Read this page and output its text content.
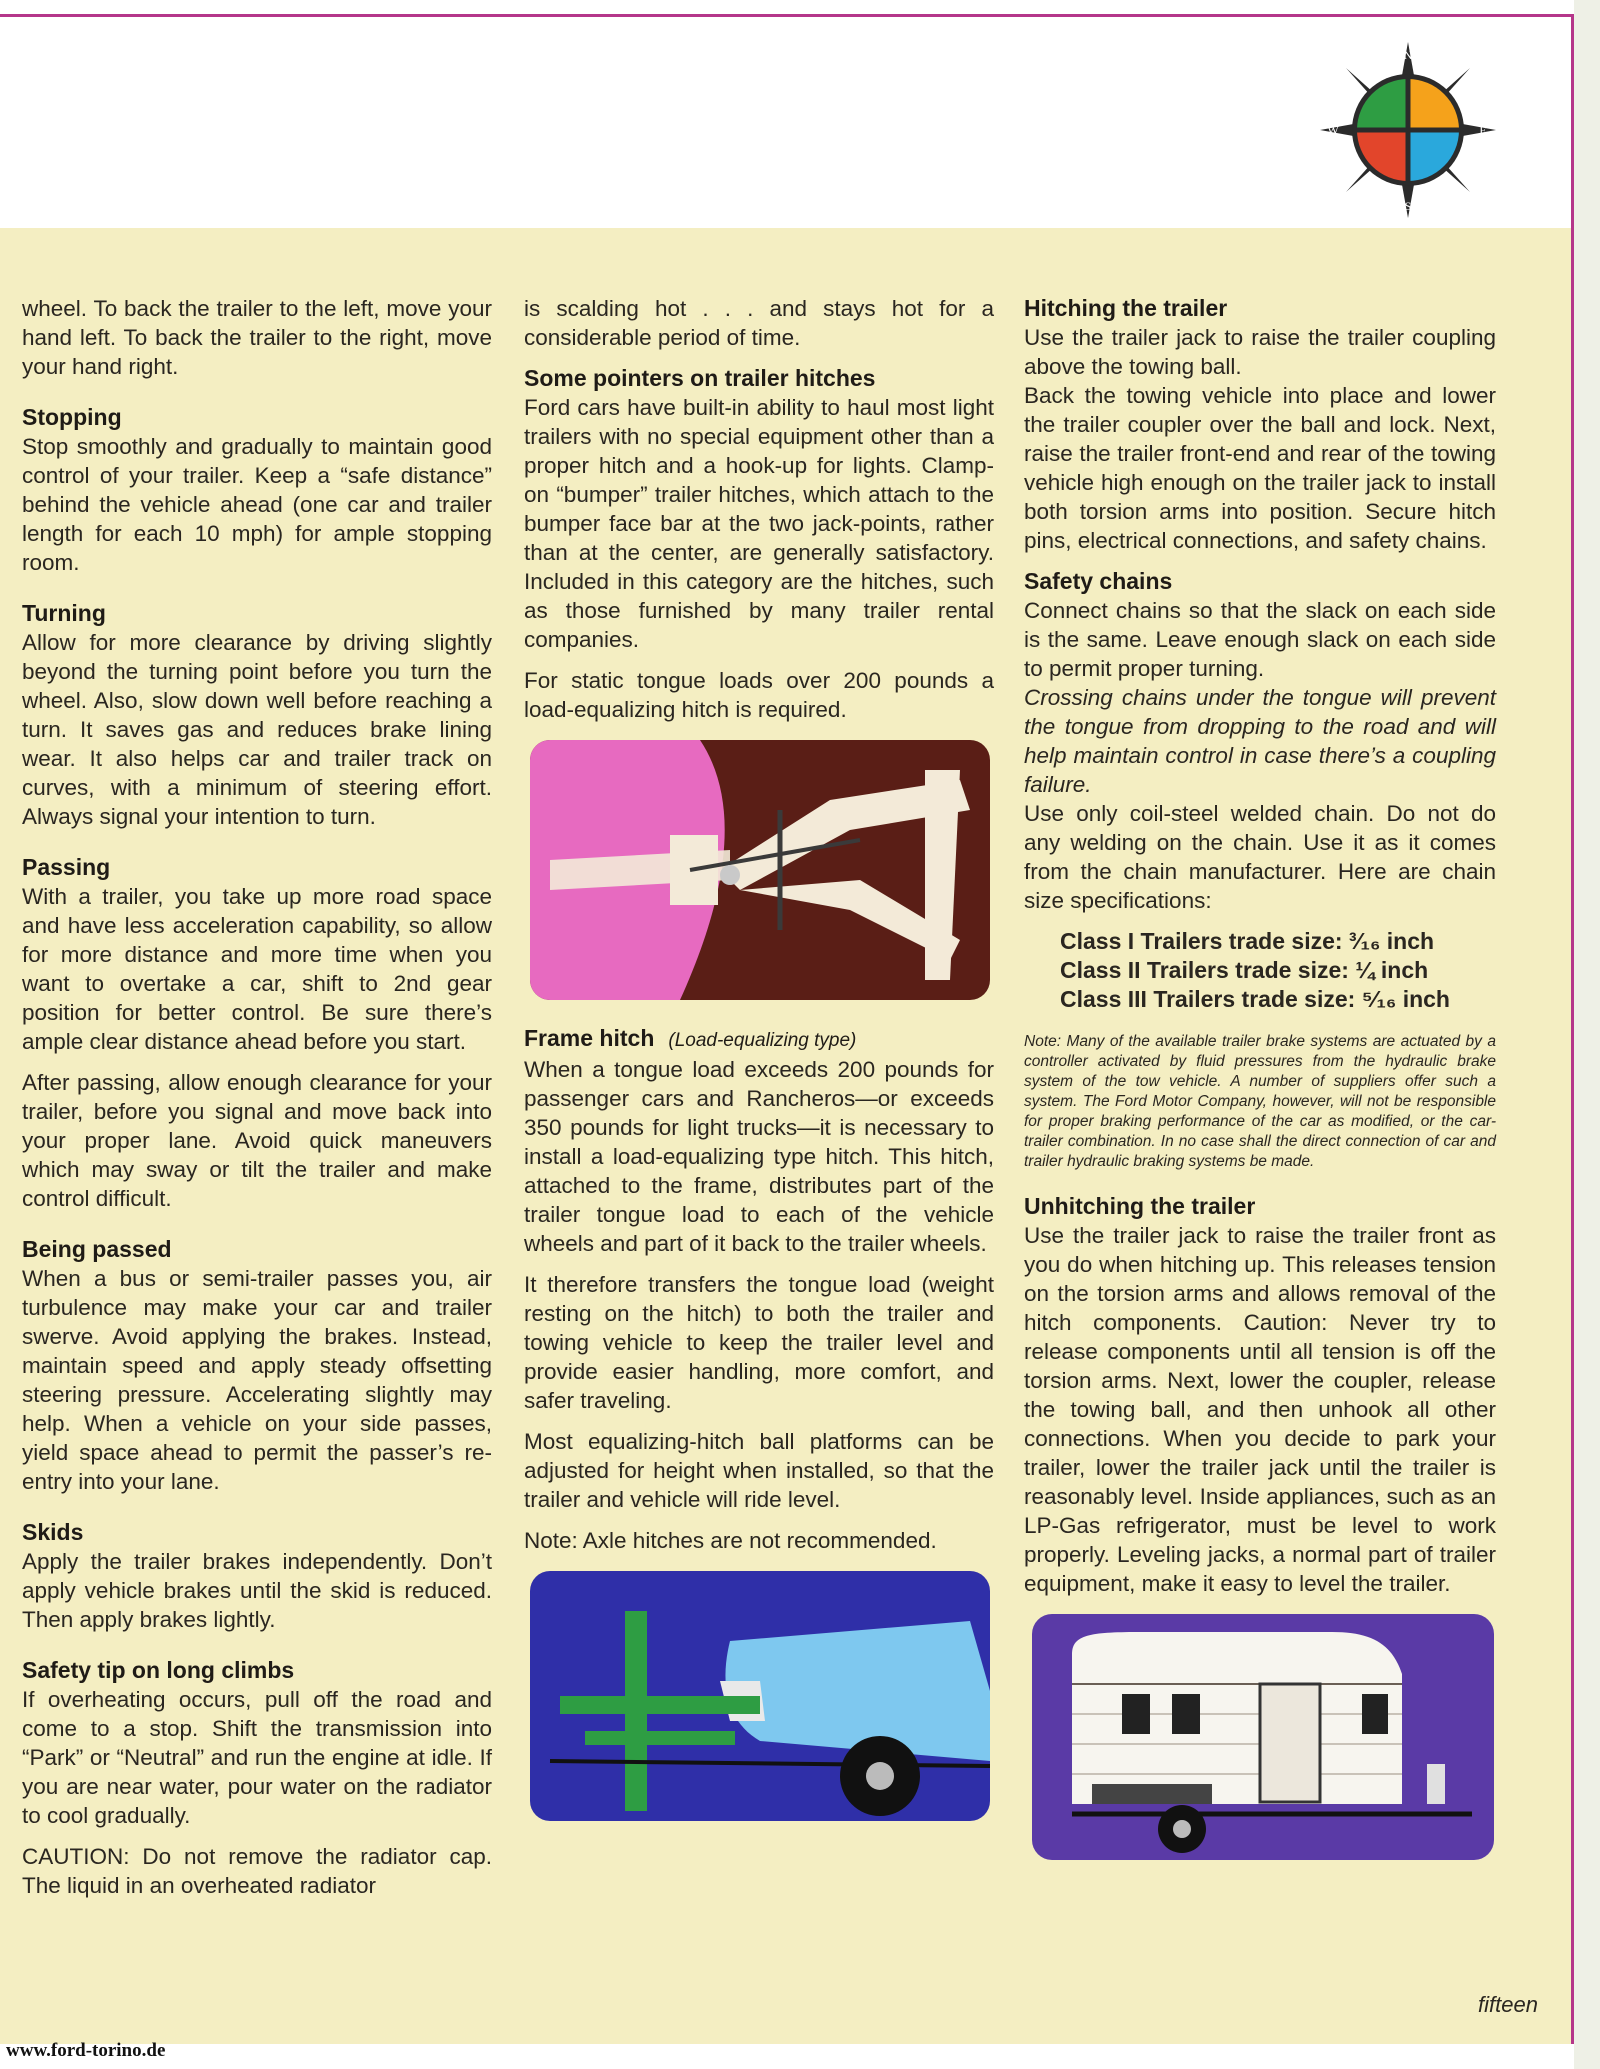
N
E
S
W

wheel. To back the trailer to the left, move your hand left. To back the trailer to the right, move your hand right.

Stopping

Stop smoothly and gradually to maintain good control of your trailer. Keep a “safe distance” behind the vehicle ahead (one car and trailer length for each 10 mph) for ample stopping room.

Turning

Allow for more clearance by driving slightly beyond the turning point before you turn the wheel. Also, slow down well before reaching a turn. It saves gas and reduces brake lining wear. It also helps car and trailer track on curves, with a minimum of steering effort. Always signal your intention to turn.

Passing

With a trailer, you take up more road space and have less acceleration capability, so allow for more distance and more time when you want to overtake a car, shift to 2nd gear position for better control. Be sure there’s ample clear distance ahead before you start.

After passing, allow enough clearance for your trailer, before you signal and move back into your proper lane. Avoid quick maneuvers which may sway or tilt the trailer and make control difficult.

Being passed

When a bus or semi-trailer passes you, air turbulence may make your car and trailer swerve. Avoid applying the brakes. Instead, maintain speed and apply steady offsetting steering pressure. Accelerating slightly may help. When a vehicle on your side passes, yield space ahead to permit the passer’s re-entry into your lane.

Skids

Apply the trailer brakes independently. Don’t apply vehicle brakes until the skid is reduced. Then apply brakes lightly.

Safety tip on long climbs

If overheating occurs, pull off the road and come to a stop. Shift the transmission into “Park” or “Neutral” and run the engine at idle. If you are near water, pour water on the radiator to cool gradually.

CAUTION: Do not remove the radiator cap. The liquid in an overheated radiator

is scalding hot . . . and stays hot for a considerable period of time.

Some pointers on trailer hitches

Ford cars have built-in ability to haul most light trailers with no special equipment other than a proper hitch and a hook-up for lights. Clamp-on “bumper” trailer hitches, which attach to the bumper face bar at the two jack-points, rather than at the center, are generally satisfactory. Included in this category are the hitches, such as those furnished by many trailer rental companies.

For static tongue loads over 200 pounds a load-equalizing hitch is required.

Frame hitch (Load-equalizing type)

When a tongue load exceeds 200 pounds for passenger cars and Rancheros—or exceeds 350 pounds for light trucks—it is necessary to install a load-equalizing type hitch. This hitch, attached to the frame, distributes part of the trailer tongue load to each of the vehicle wheels and part of it back to the trailer wheels.

It therefore transfers the tongue load (weight resting on the hitch) to both the trailer and towing vehicle to keep the trailer level and provide easier handling, more comfort, and safer traveling.

Most equalizing-hitch ball platforms can be adjusted for height when installed, so that the trailer and vehicle will ride level.

Note: Axle hitches are not recommended.

Hitching the trailer

Use the trailer jack to raise the trailer coupling above the towing ball.

Back the towing vehicle into place and lower the trailer coupler over the ball and lock. Next, raise the trailer front-end and rear of the towing vehicle high enough on the trailer jack to install both torsion arms into position. Secure hitch pins, electrical connections, and safety chains.

Safety chains

Connect chains so that the slack on each side is the same. Leave enough slack on each side to permit proper turning.

Crossing chains under the tongue will prevent the tongue from dropping to the road and will help maintain control in case there’s a coupling failure.

Use only coil-steel welded chain. Do not do any welding on the chain. Use it as it comes from the chain manufacturer. Here are chain size specifications:

Class I Trailers trade size: ³⁄₁₆ inch
Class II Trailers trade size: ¼ inch
Class III Trailers trade size: ⁵⁄₁₆ inch

Note: Many of the available trailer brake systems are actuated by a controller activated by fluid pressures from the hydraulic brake system of the tow vehicle. A number of suppliers offer such a system. The Ford Motor Company, however, will not be responsible for proper braking performance of the car as modified, or the car-trailer combination. In no case shall the direct connection of car and trailer hydraulic braking systems be made.

Unhitching the trailer

Use the trailer jack to raise the trailer front as you do when hitching up. This releases tension on the torsion arms and allows removal of the hitch components. Caution: Never try to release components until all tension is off the torsion arms. Next, lower the coupler, release the towing ball, and then unhook all other connections. When you decide to park your trailer, lower the trailer jack until the trailer is reasonably level. Inside appliances, such as an LP-Gas refrigerator, must be level to work properly. Leveling jacks, a normal part of trailer equipment, make it easy to level the trailer.

fifteen
www.ford-torino.de
